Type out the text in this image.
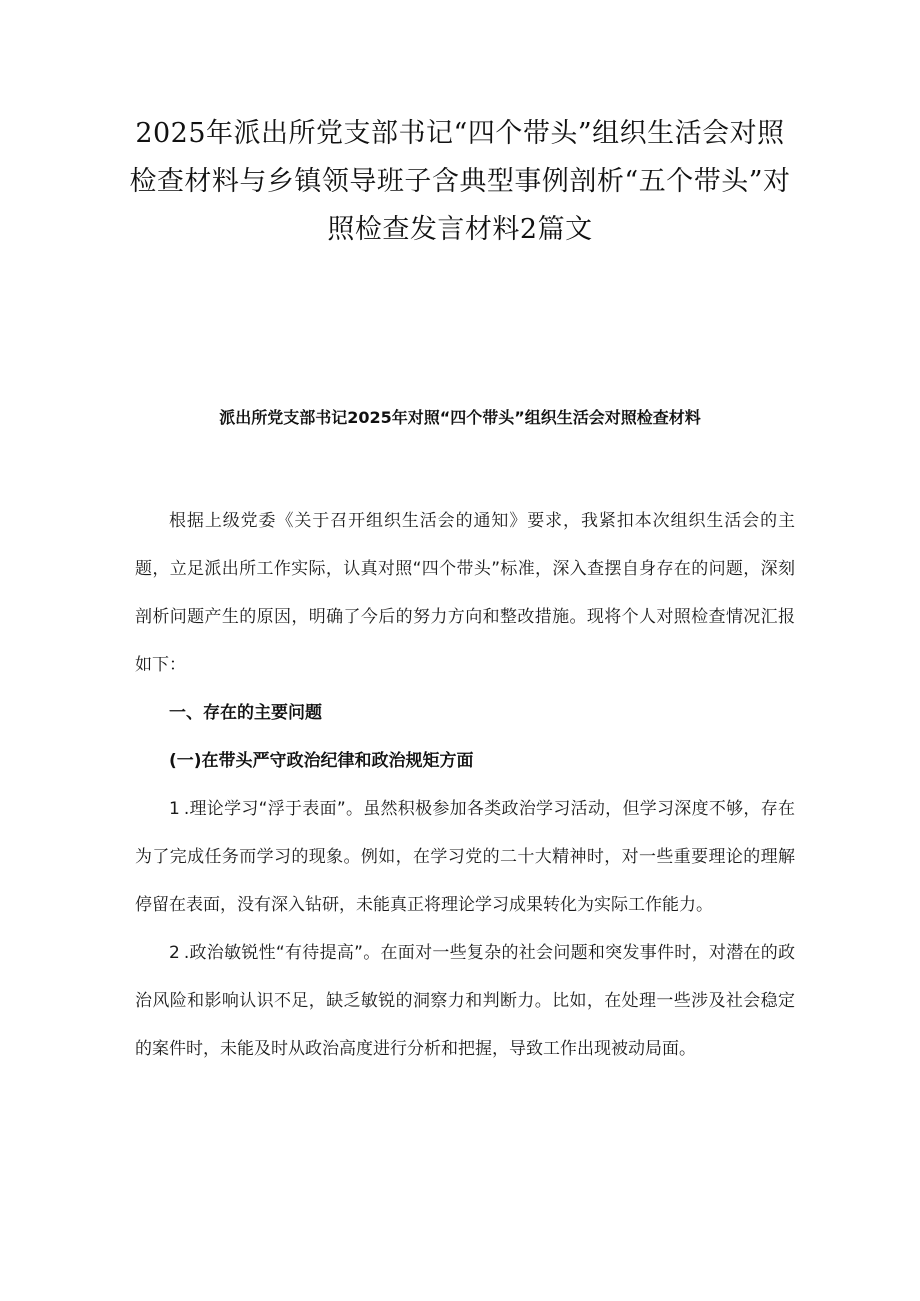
2025年派出所党支部书记“四个带头”组织生活会对照检查材料与乡镇领导班子含典型事例剖析“五个带头”对照检查发言材料2篇文
派出所党支部书记2025年对照“四个带头”组织生活会对照检查材料

根据上级党委《关于召开组织生活会的通知》要求，我紧扣本次组织生活会的主题，立足派出所工作实际，认真对照“四个带头”标准，深入查摆自身存在的问题，深刻剖析问题产生的原因，明确了今后的努力方向和整改措施。现将个人对照检查情况汇报如下：

一、存在的主要问题

(一)在带头严守政治纪律和政治规矩方面

1 .理论学习“浮于表面”。虽然积极参加各类政治学习活动，但学习深度不够，存在为了完成任务而学习的现象。例如，在学习党的二十大精神时，对一些重要理论的理解停留在表面，没有深入钻研，未能真正将理论学习成果转化为实际工作能力。

2 .政治敏锐性“有待提高”。在面对一些复杂的社会问题和突发事件时，对潜在的政治风险和影响认识不足，缺乏敏锐的洞察力和判断力。比如，在处理一些涉及社会稳定的案件时，未能及时从政治高度进行分析和把握，导致工作出现被动局面。
